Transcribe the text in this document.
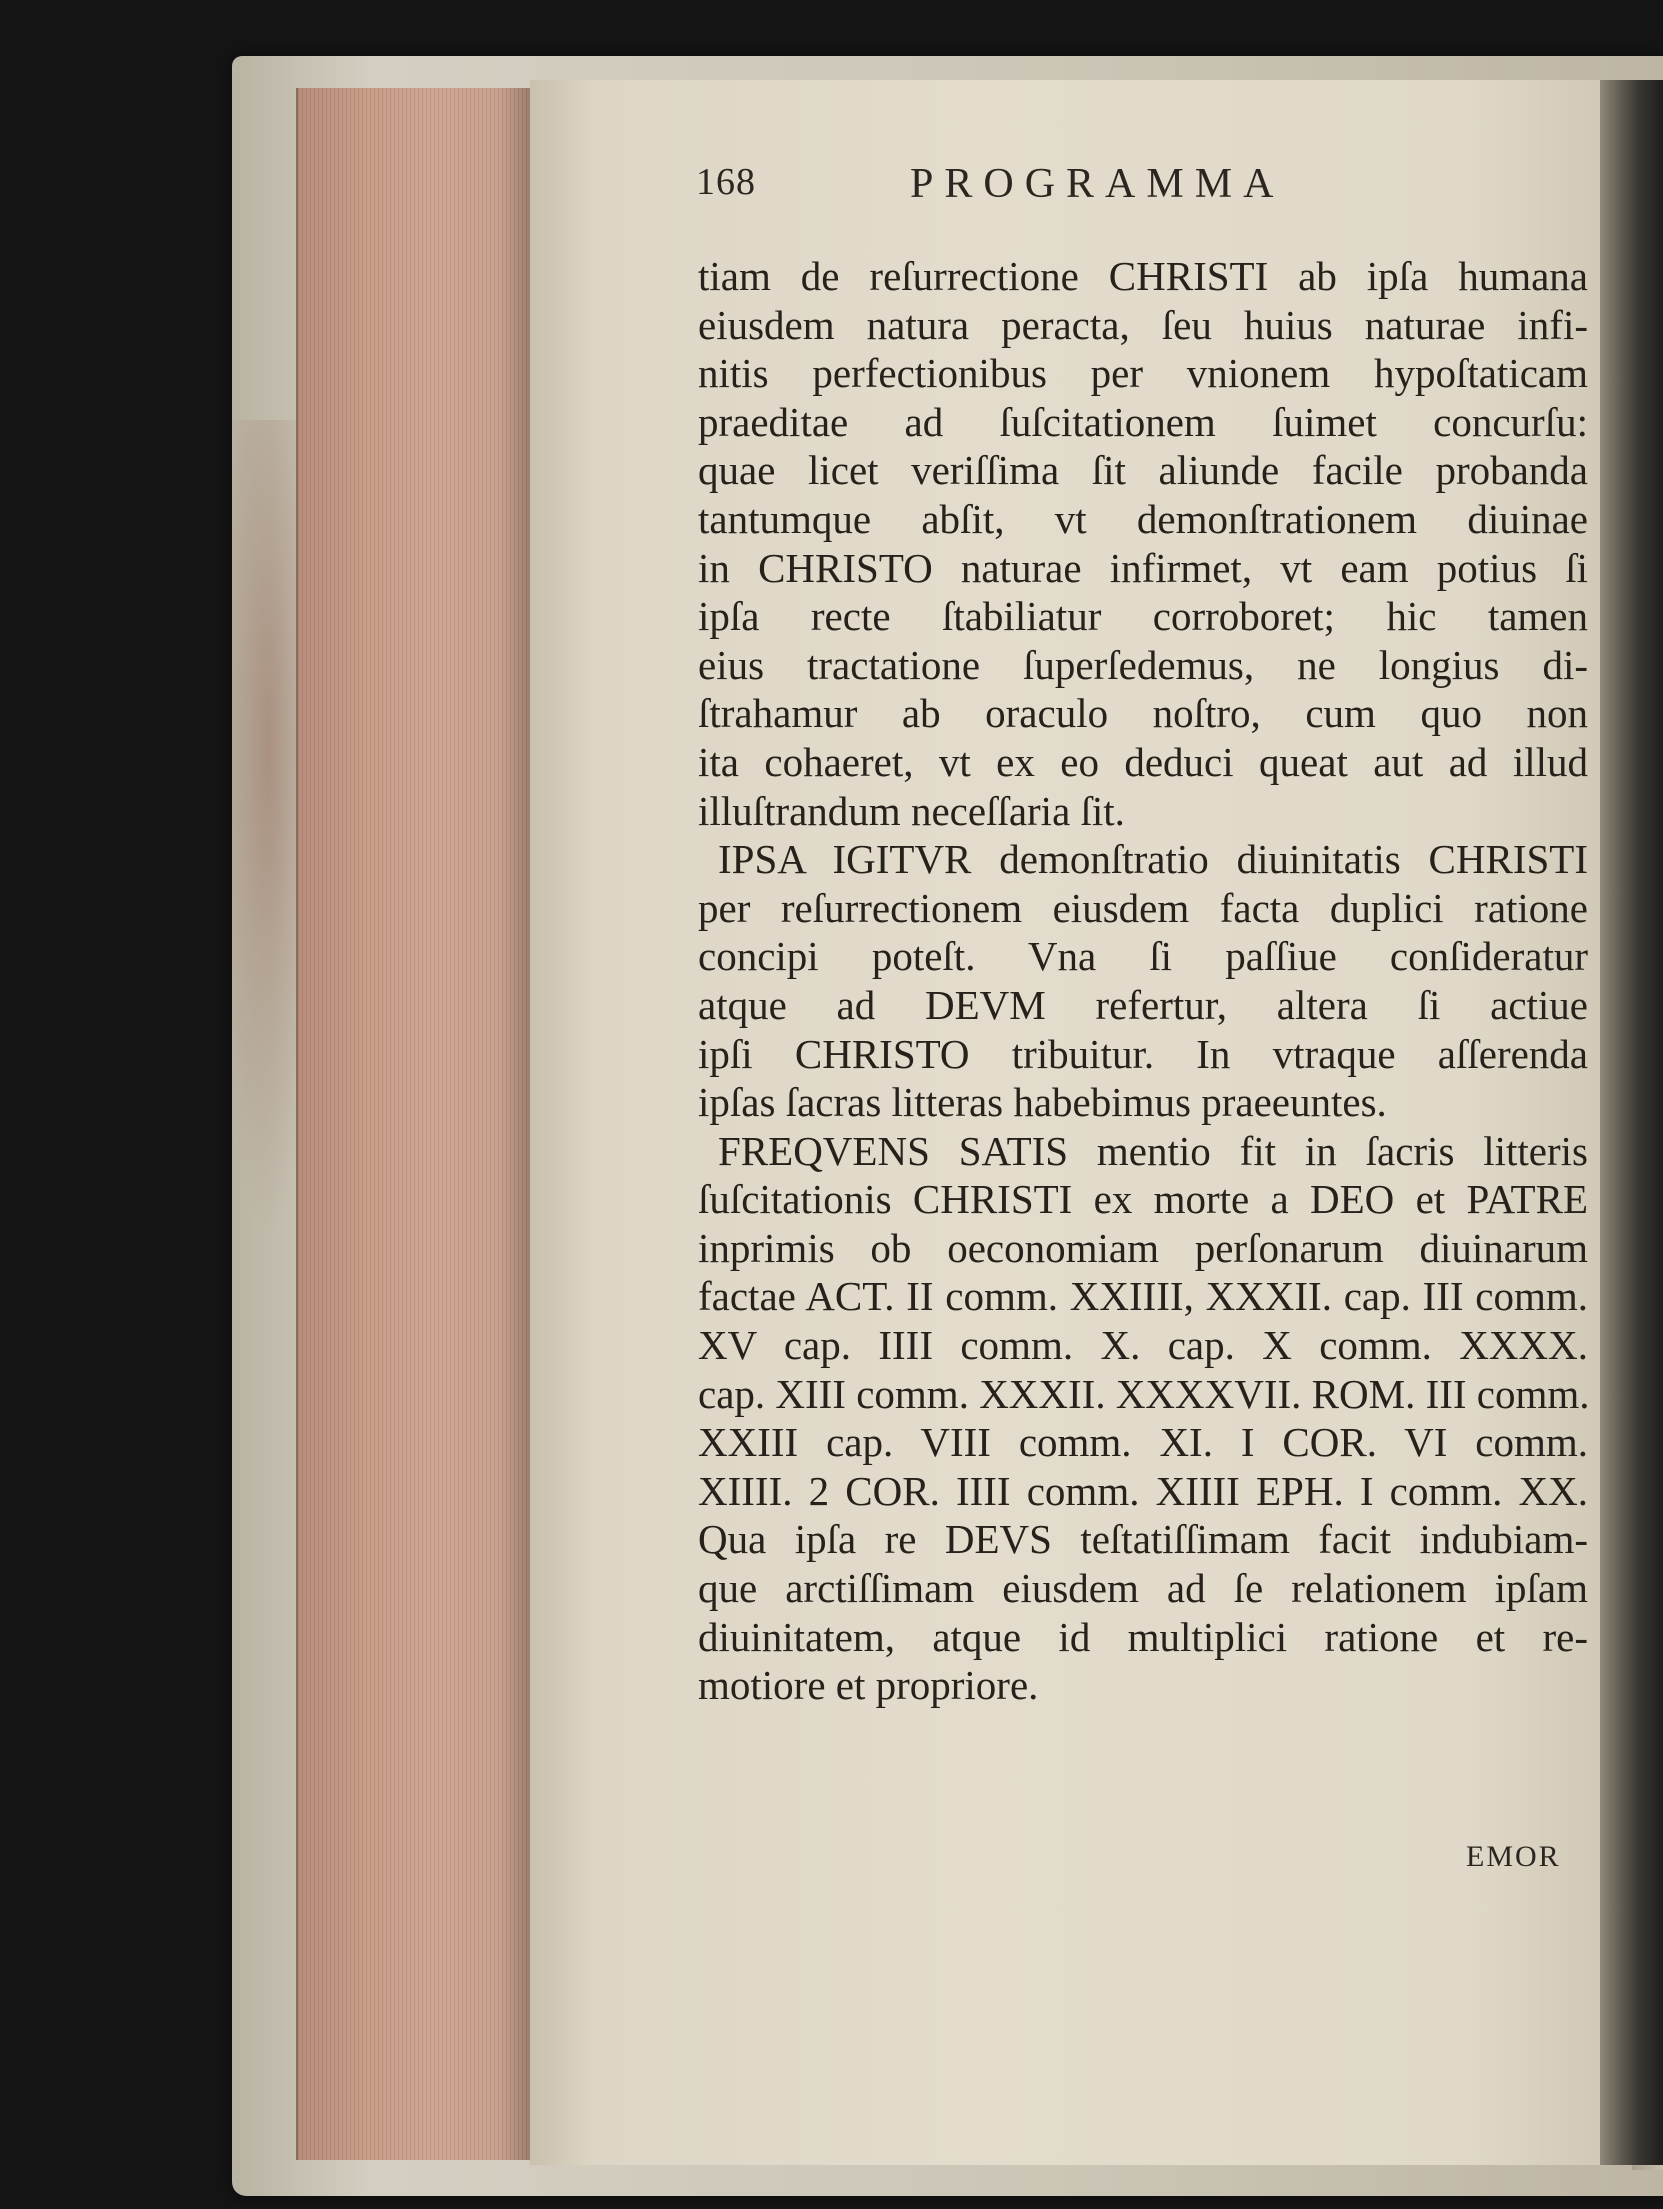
168	PROGRAMMA
tiam de reſurrectione CHRISTI ab ipſa humana
eiusdem natura peracta, ſeu huius naturae infi-
nitis perfectionibus per vnionem hypoſtaticam
praeditae ad ſuſcitationem ſuimet concurſu:
quae licet veriſſima ſit aliunde facile probanda
tantumque abſit, vt demonſtrationem diuinae
in CHRISTO naturae infirmet, vt eam potius ſi
ipſa recte ſtabiliatur corroboret; hic tamen
eius tractatione ſuperſedemus, ne longius di-
ſtrahamur ab oraculo noſtro, cum quo non
ita cohaeret, vt ex eo deduci queat aut ad illud
illuſtrandum neceſſaria ſit.
IPSA IGITVR demonſtratio diuinitatis CHRISTI
per reſurrectionem eiusdem facta duplici ratione
concipi poteſt. Vna ſi paſſiue conſideratur
atque ad DEVM refertur, altera ſi actiue
ipſi CHRISTO tribuitur. In vtraque aſſerenda
ipſas ſacras litteras habebimus praeeuntes.
FREQVENS SATIS mentio fit in ſacris litteris
ſuſcitationis CHRISTI ex morte a DEO et PATRE
inprimis ob oeconomiam perſonarum diuinarum
factae ACT. II comm. XXIIII, XXXII. cap. III comm.
XV cap. IIII comm. X. cap. X comm. XXXX.
cap. XIII comm. XXXII. XXXXVII. ROM. III comm.
XXIII cap. VIII comm. XI. I COR. VI comm.
XIIII. 2 COR. IIII comm. XIIII EPH. I comm. XX.
Qua ipſa re DEVS teſtatiſſimam facit indubiam-
que arctiſſimam eiusdem ad ſe relationem ipſam
diuinitatem, atque id multiplici ratione et re-
motiore et propriore.
EMOR
